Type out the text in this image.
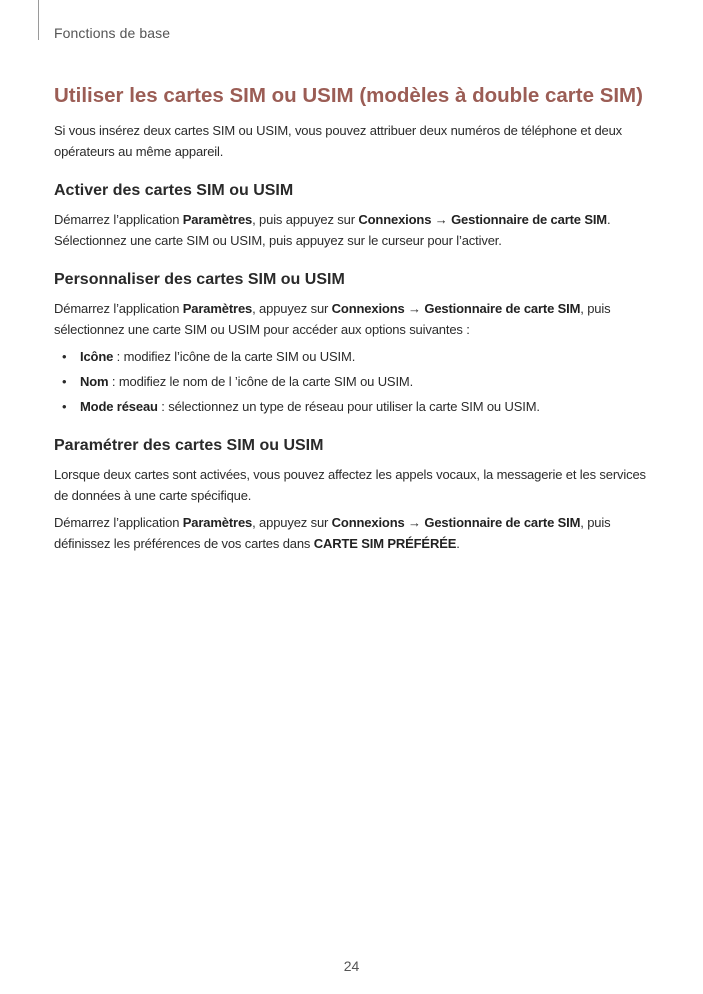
Fonctions de base
Utiliser les cartes SIM ou USIM (modèles à double carte SIM)

Si vous insérez deux cartes SIM ou USIM, vous pouvez attribuer deux numéros de téléphone et deux opérateurs au même appareil.

Activer des cartes SIM ou USIM

Démarrez l’application Paramètres, puis appuyez sur Connexions → Gestionnaire de carte SIM. Sélectionnez une carte SIM ou USIM, puis appuyez sur le curseur pour l’activer.

Personnaliser des cartes SIM ou USIM

Démarrez l’application Paramètres, appuyez sur Connexions → Gestionnaire de carte SIM, puis sélectionnez une carte SIM ou USIM pour accéder aux options suivantes :

• Icône : modifiez l’icône de la carte SIM ou USIM.
• Nom : modifiez le nom de l ’icône de la carte SIM ou USIM.
• Mode réseau : sélectionnez un type de réseau pour utiliser la carte SIM ou USIM.
Paramétrer des cartes SIM ou USIM

Lorsque deux cartes sont activées, vous pouvez affectez les appels vocaux, la messagerie et les services de données à une carte spécifique.

Démarrez l’application Paramètres, appuyez sur Connexions → Gestionnaire de carte SIM, puis définissez les préférences de vos cartes dans CARTE SIM PRÉFÉRÉE.

24
